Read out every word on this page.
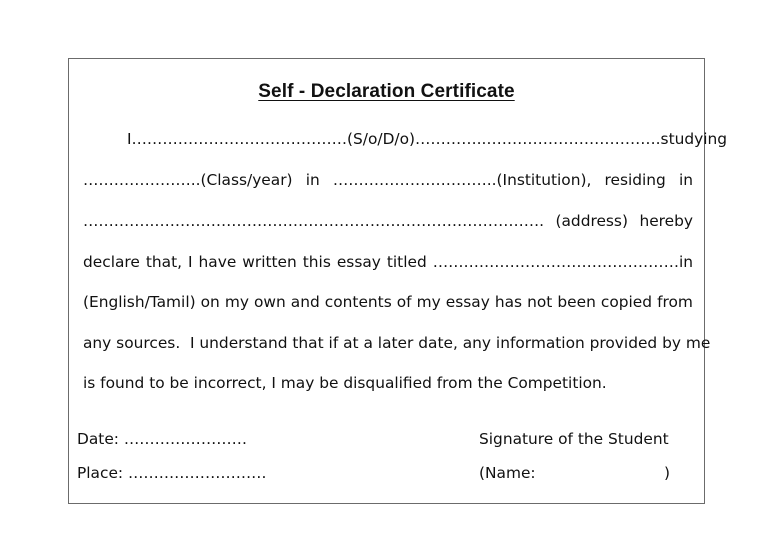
Self - Declaration Certificate
I……………………………………(S/o/D/o)…………..…………………………….studying
…………………..(Class/year) in …………………………..(Institution), residing in
…………..…………………………………………………………………. (address) hereby
declare that, I have written this essay titled …………………………………………in
(English/Tamil) on my own and contents of my essay has not been copied from
any sources.  I understand that if at a later date, any information provided by me
is found to be incorrect, I may be disqualified from the Competition.
Date: ……………………
Place: ………………………
Signature of the Student
(Name:	)
